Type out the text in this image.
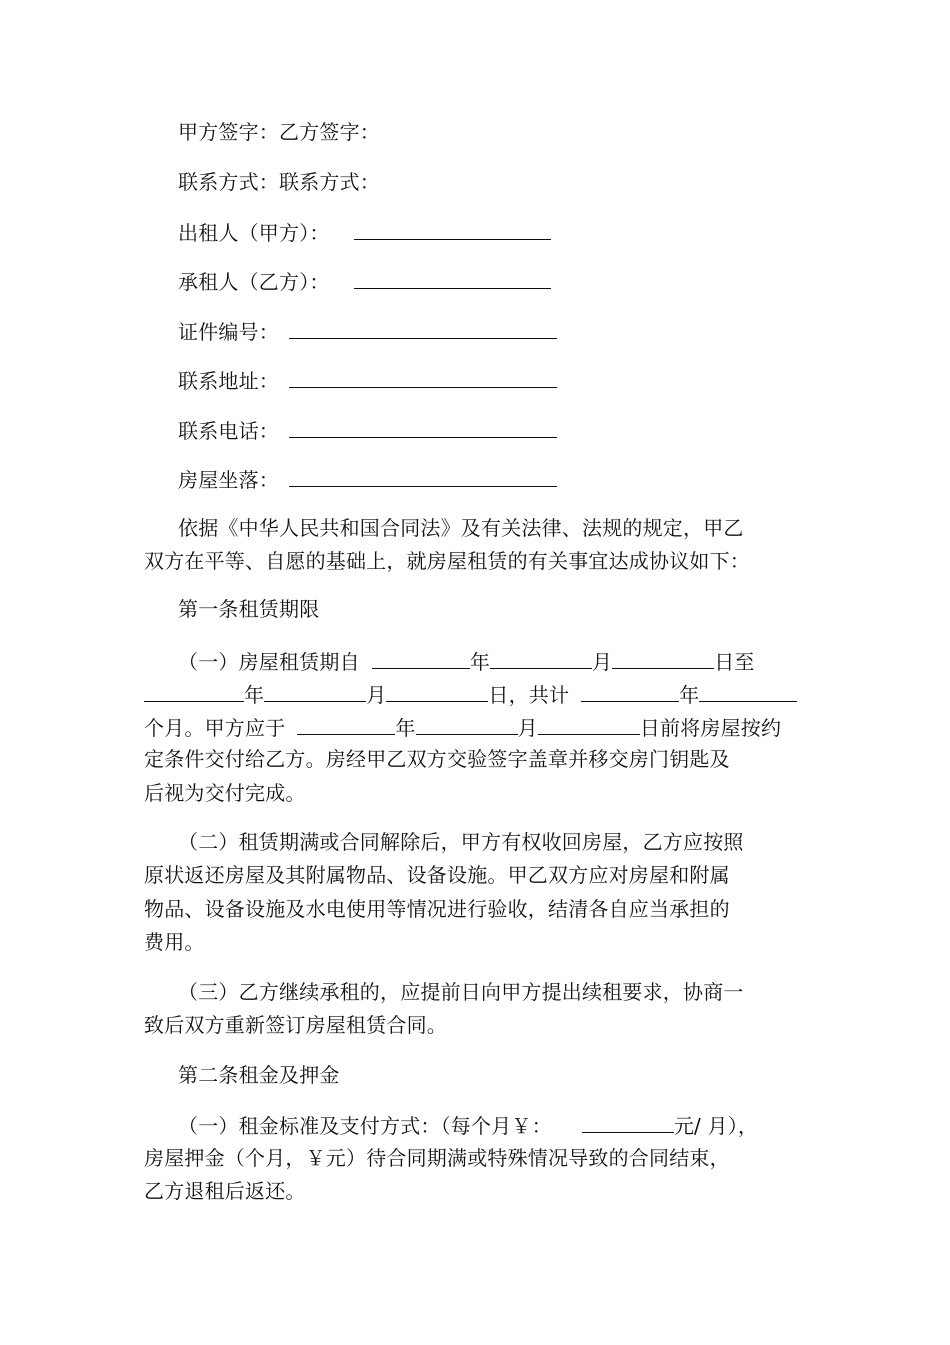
甲方签字：乙方签字：
联系方式：联系方式：
出租人（甲方）：
承租人（乙方）：
证件编号：
联系地址：
联系电话：
房屋坐落：
依据《中华人民共和国合同法》及有关法律、法规的规定，甲乙
双方在平等、自愿的基础上，就房屋租赁的有关事宜达成协议如下：
第一条租赁期限
（一）房屋租赁期自	年	月	日至
年	月	日，共计	年
个月。甲方应于	年	月	日前将房屋按约
定条件交付给乙方。房经甲乙双方交验签字盖章并移交房门钥匙及
后视为交付完成。
（二）租赁期满或合同解除后，甲方有权收回房屋，乙方应按照
原状返还房屋及其附属物品、设备设施。甲乙双方应对房屋和附属
物品、设备设施及水电使用等情况进行验收，结清各自应当承担的
费用。
（三）乙方继续承租的，应提前日向甲方提出续租要求，协商一
致后双方重新签订房屋租赁合同。
第二条租金及押金
（一）租金标准及支付方式：（每个月￥：	元/ 月），
房屋押金（个月，￥元）待合同期满或特殊情况导致的合同结束，
乙方退租后返还。
